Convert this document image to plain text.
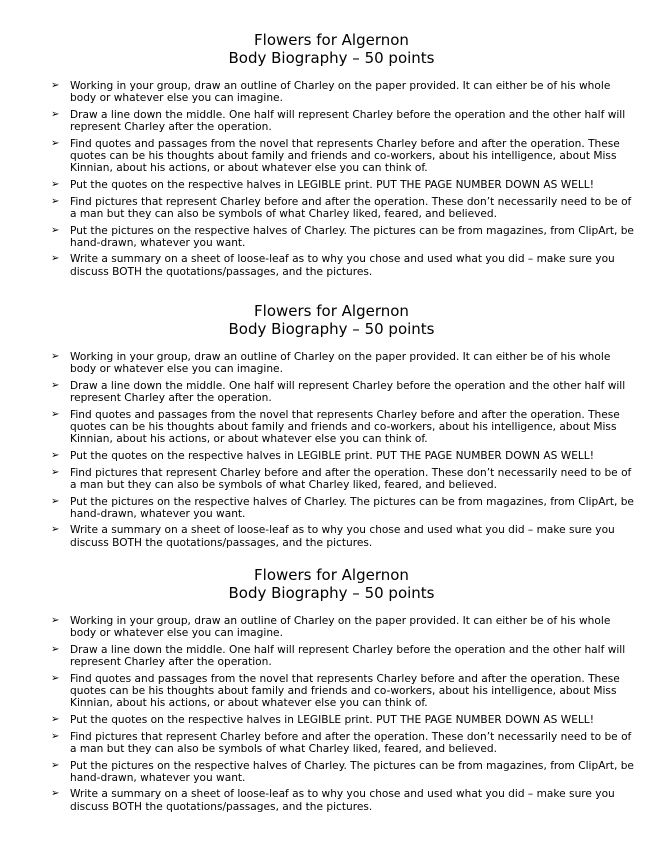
Flowers for Algernon

Body Biography – 50 points

➢ Working in your group, draw an outline of Charley on the paper provided. It can either be of his whole body or whatever else you can imagine.
➢ Draw a line down the middle. One half will represent Charley before the operation and the other half will represent Charley after the operation.
➢ Find quotes and passages from the novel that represents Charley before and after the operation. These quotes can be his thoughts about family and friends and co-workers, about his intelligence, about Miss Kinnian, about his actions, or about whatever else you can think of.
➢ Put the quotes on the respective halves in LEGIBLE print. PUT THE PAGE NUMBER DOWN AS WELL!
➢ Find pictures that represent Charley before and after the operation. These don’t necessarily need to be of a man but they can also be symbols of what Charley liked, feared, and believed.
➢ Put the pictures on the respective halves of Charley. The pictures can be from magazines, from ClipArt, be hand-drawn, whatever you want.
➢ Write a summary on a sheet of loose-leaf as to why you chose and used what you did – make sure you discuss BOTH the quotations/passages, and the pictures.

Flowers for Algernon

Body Biography – 50 points

➢ Working in your group, draw an outline of Charley on the paper provided. It can either be of his whole body or whatever else you can imagine.
➢ Draw a line down the middle. One half will represent Charley before the operation and the other half will represent Charley after the operation.
➢ Find quotes and passages from the novel that represents Charley before and after the operation. These quotes can be his thoughts about family and friends and co-workers, about his intelligence, about Miss Kinnian, about his actions, or about whatever else you can think of.
➢ Put the quotes on the respective halves in LEGIBLE print. PUT THE PAGE NUMBER DOWN AS WELL!
➢ Find pictures that represent Charley before and after the operation. These don’t necessarily need to be of a man but they can also be symbols of what Charley liked, feared, and believed.
➢ Put the pictures on the respective halves of Charley. The pictures can be from magazines, from ClipArt, be hand-drawn, whatever you want.
➢ Write a summary on a sheet of loose-leaf as to why you chose and used what you did – make sure you discuss BOTH the quotations/passages, and the pictures.

Flowers for Algernon

Body Biography – 50 points

➢ Working in your group, draw an outline of Charley on the paper provided. It can either be of his whole body or whatever else you can imagine.
➢ Draw a line down the middle. One half will represent Charley before the operation and the other half will represent Charley after the operation.
➢ Find quotes and passages from the novel that represents Charley before and after the operation. These quotes can be his thoughts about family and friends and co-workers, about his intelligence, about Miss Kinnian, about his actions, or about whatever else you can think of.
➢ Put the quotes on the respective halves in LEGIBLE print. PUT THE PAGE NUMBER DOWN AS WELL!
➢ Find pictures that represent Charley before and after the operation. These don’t necessarily need to be of a man but they can also be symbols of what Charley liked, feared, and believed.
➢ Put the pictures on the respective halves of Charley. The pictures can be from magazines, from ClipArt, be hand-drawn, whatever you want.
➢ Write a summary on a sheet of loose-leaf as to why you chose and used what you did – make sure you discuss BOTH the quotations/passages, and the pictures.
